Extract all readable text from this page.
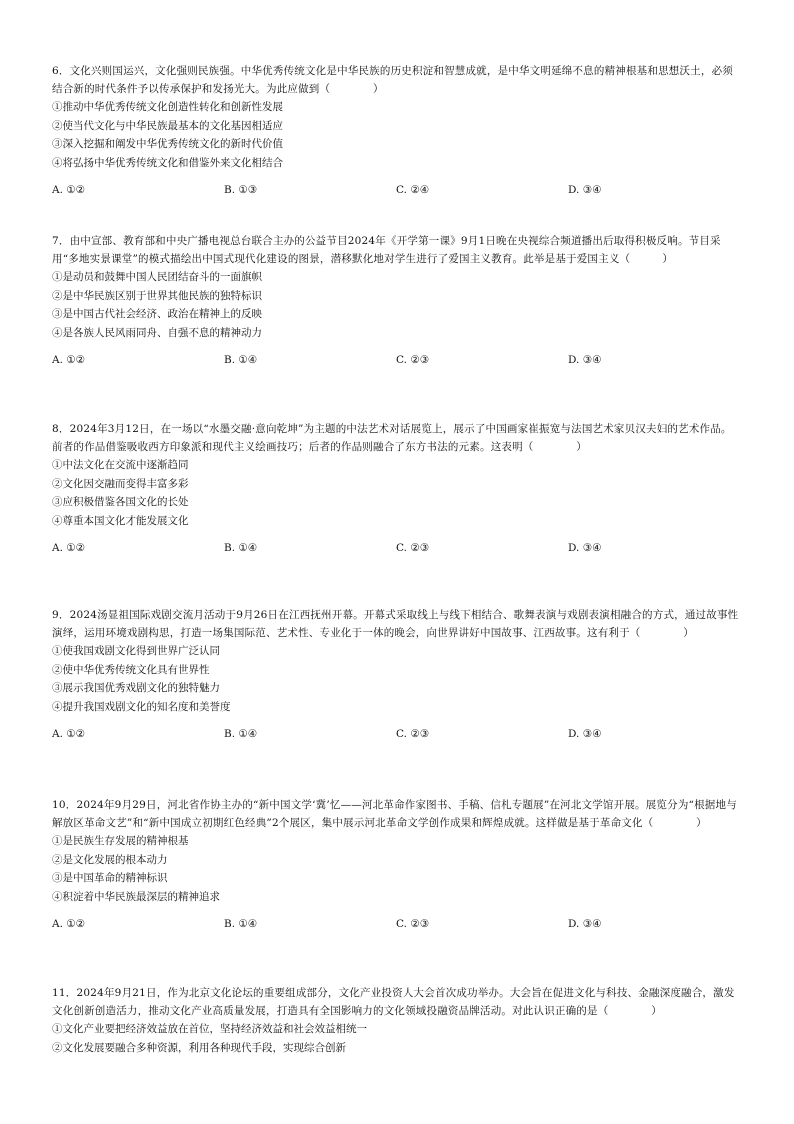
6．文化兴则国运兴，文化强则民族强。中华优秀传统文化是中华民族的历史积淀和智慧成就，是中华文明延绵不息的精神根基和思想沃土，必须结合新的时代条件予以传承保护和发扬光大。为此应做到（　　　　）

①推动中华优秀传统文化创造性转化和创新性发展

②使当代文化与中华民族最基本的文化基因相适应

③深入挖掘和阐发中华优秀传统文化的新时代价值

④将弘扬中华优秀传统文化和借鉴外来文化相结合

A. ①②	B. ①③	C. ②④	D. ③④

7．由中宣部、教育部和中央广播电视总台联合主办的公益节目2024年《开学第一课》9月1日晚在央视综合频道播出后取得积极反响。节目采用“多地实景课堂”的模式描绘出中国式现代化建设的图景，潜移默化地对学生进行了爱国主义教育。此举是基于爱国主义（　　　）

①是动员和鼓舞中国人民团结奋斗的一面旗帜

②是中华民族区别于世界其他民族的独特标识

③是中国古代社会经济、政治在精神上的反映

④是各族人民风雨同舟、自强不息的精神动力

A. ①②	B. ①④	C. ②③	D. ③④

8．2024年3月12日，在一场以“水墨交融·意向乾坤”为主题的中法艺术对话展览上，展示了中国画家崔振宽与法国艺术家贝汉夫妇的艺术作品。前者的作品借鉴吸收西方印象派和现代主义绘画技巧；后者的作品则融合了东方书法的元素。这表明（　　　　）

①中法文化在交流中逐渐趋同

②文化因交融而变得丰富多彩

③应积极借鉴各国文化的长处

④尊重本国文化才能发展文化

A. ①②	B. ①④	C. ②③	D. ③④

9．2024汤显祖国际戏剧交流月活动于9月26日在江西抚州开幕。开幕式采取线上与线下相结合、歌舞表演与戏剧表演相融合的方式，通过故事性演绎，运用环境戏剧构思，打造一场集国际范、艺术性、专业化于一体的晚会，向世界讲好中国故事、江西故事。这有利于（　　　　）

①使我国戏剧文化得到世界广泛认同

②使中华优秀传统文化具有世界性

③展示我国优秀戏剧文化的独特魅力

④提升我国戏剧文化的知名度和美誉度

A. ①②	B. ①④	C. ②③	D. ③④

10．2024年9月29日，河北省作协主办的“新中国文学‘冀’忆——河北革命作家图书、手稿、信札专题展”在河北文学馆开展。展览分为“根据地与解放区革命文艺”和“新中国成立初期红色经典”2个展区，集中展示河北革命文学创作成果和辉煌成就。这样做是基于革命文化（　　　　）

①是民族生存发展的精神根基

②是文化发展的根本动力

③是中国革命的精神标识

④积淀着中华民族最深层的精神追求

A. ①②	B. ①④	C. ②③	D. ③④

11．2024年9月21日，作为北京文化论坛的重要组成部分，文化产业投资人大会首次成功举办。大会旨在促进文化与科技、金融深度融合，激发文化创新创造活力，推动文化产业高质量发展，打造具有全国影响力的文化领域投融资品牌活动。对此认识正确的是（　　　　）

①文化产业要把经济效益放在首位，坚持经济效益和社会效益相统一

②文化发展要融合多种资源，利用各种现代手段，实现综合创新
